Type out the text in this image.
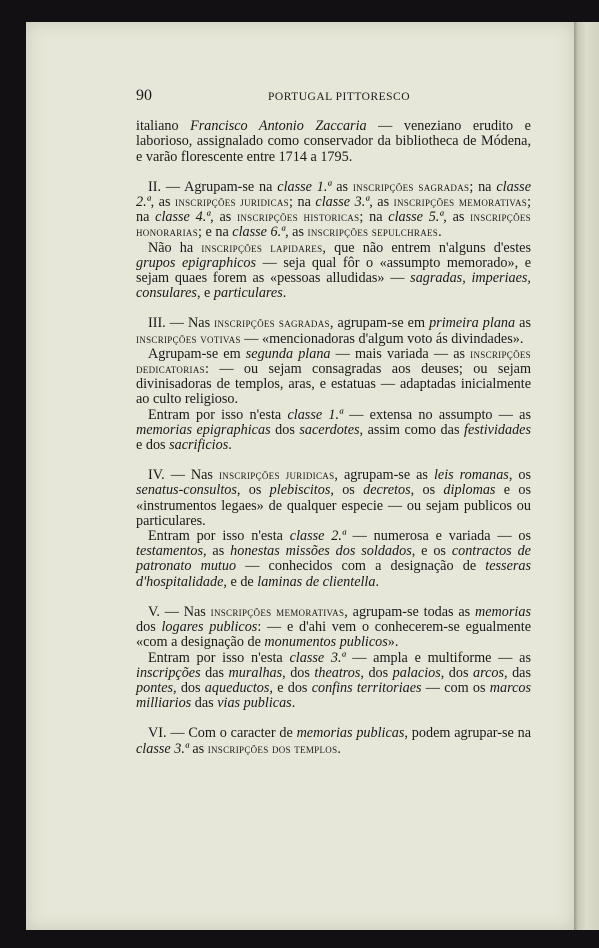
90	PORTUGAL PITTORESCO

italiano Francisco Antonio Zaccaria — veneziano erudito e laborioso, assignalado como conservador da bibliotheca de Módena, e varão florescente entre 1714 a 1795.

II. — Agrupam-se na classe 1.ª as inscripções sagradas; na classe 2.ª, as inscripções juridicas; na classe 3.ª, as inscripções memorativas; na classe 4.ª, as inscripções historicas; na classe 5.ª, as inscripções honorarias; e na classe 6.ª, as inscripções sepulchraes.

Não ha inscripções lapidares, que não entrem n'alguns d'estes grupos epigraphicos — seja qual fôr o «assumpto memorado», e sejam quaes forem as «pessoas alludidas» — sagradas, imperiaes, consulares, e particulares.

III. — Nas inscripções sagradas, agrupam-se em primeira plana as inscripções votivas — «mencionadoras d'algum voto ás divindades».

Agrupam-se em segunda plana — mais variada — as inscripções dedicatorias: — ou sejam consagradas aos deuses; ou sejam divinisadoras de templos, aras, e estatuas — adaptadas inicialmente ao culto religioso.

Entram por isso n'esta classe 1.ª — extensa no assumpto — as memorias epigraphicas dos sacerdotes, assim como das festividades e dos sacrificios.

IV. — Nas inscripções juridicas, agrupam-se as leis romanas, os senatus-consultos, os plebiscitos, os decretos, os diplomas e os «instrumentos legaes» de qualquer especie — ou sejam publicos ou particulares.

Entram por isso n'esta classe 2.ª — numerosa e variada — os testamentos, as honestas missões dos soldados, e os contractos de patronato mutuo — conhecidos com a designação de tesseras d'hospitalidade, e de laminas de clientella.

V. — Nas inscripções memorativas, agrupam-se todas as memorias dos logares publicos: — e d'ahi vem o conhecerem-se egualmente «com a designação de monumentos publicos».

Entram por isso n'esta classe 3.ª — ampla e multiforme — as inscripções das muralhas, dos theatros, dos palacios, dos arcos, das pontes, dos aqueductos, e dos confins territoriaes — com os marcos milliarios das vias publicas.

VI. — Com o caracter de memorias publicas, podem agrupar-se na classe 3.ª as inscripções dos templos.
